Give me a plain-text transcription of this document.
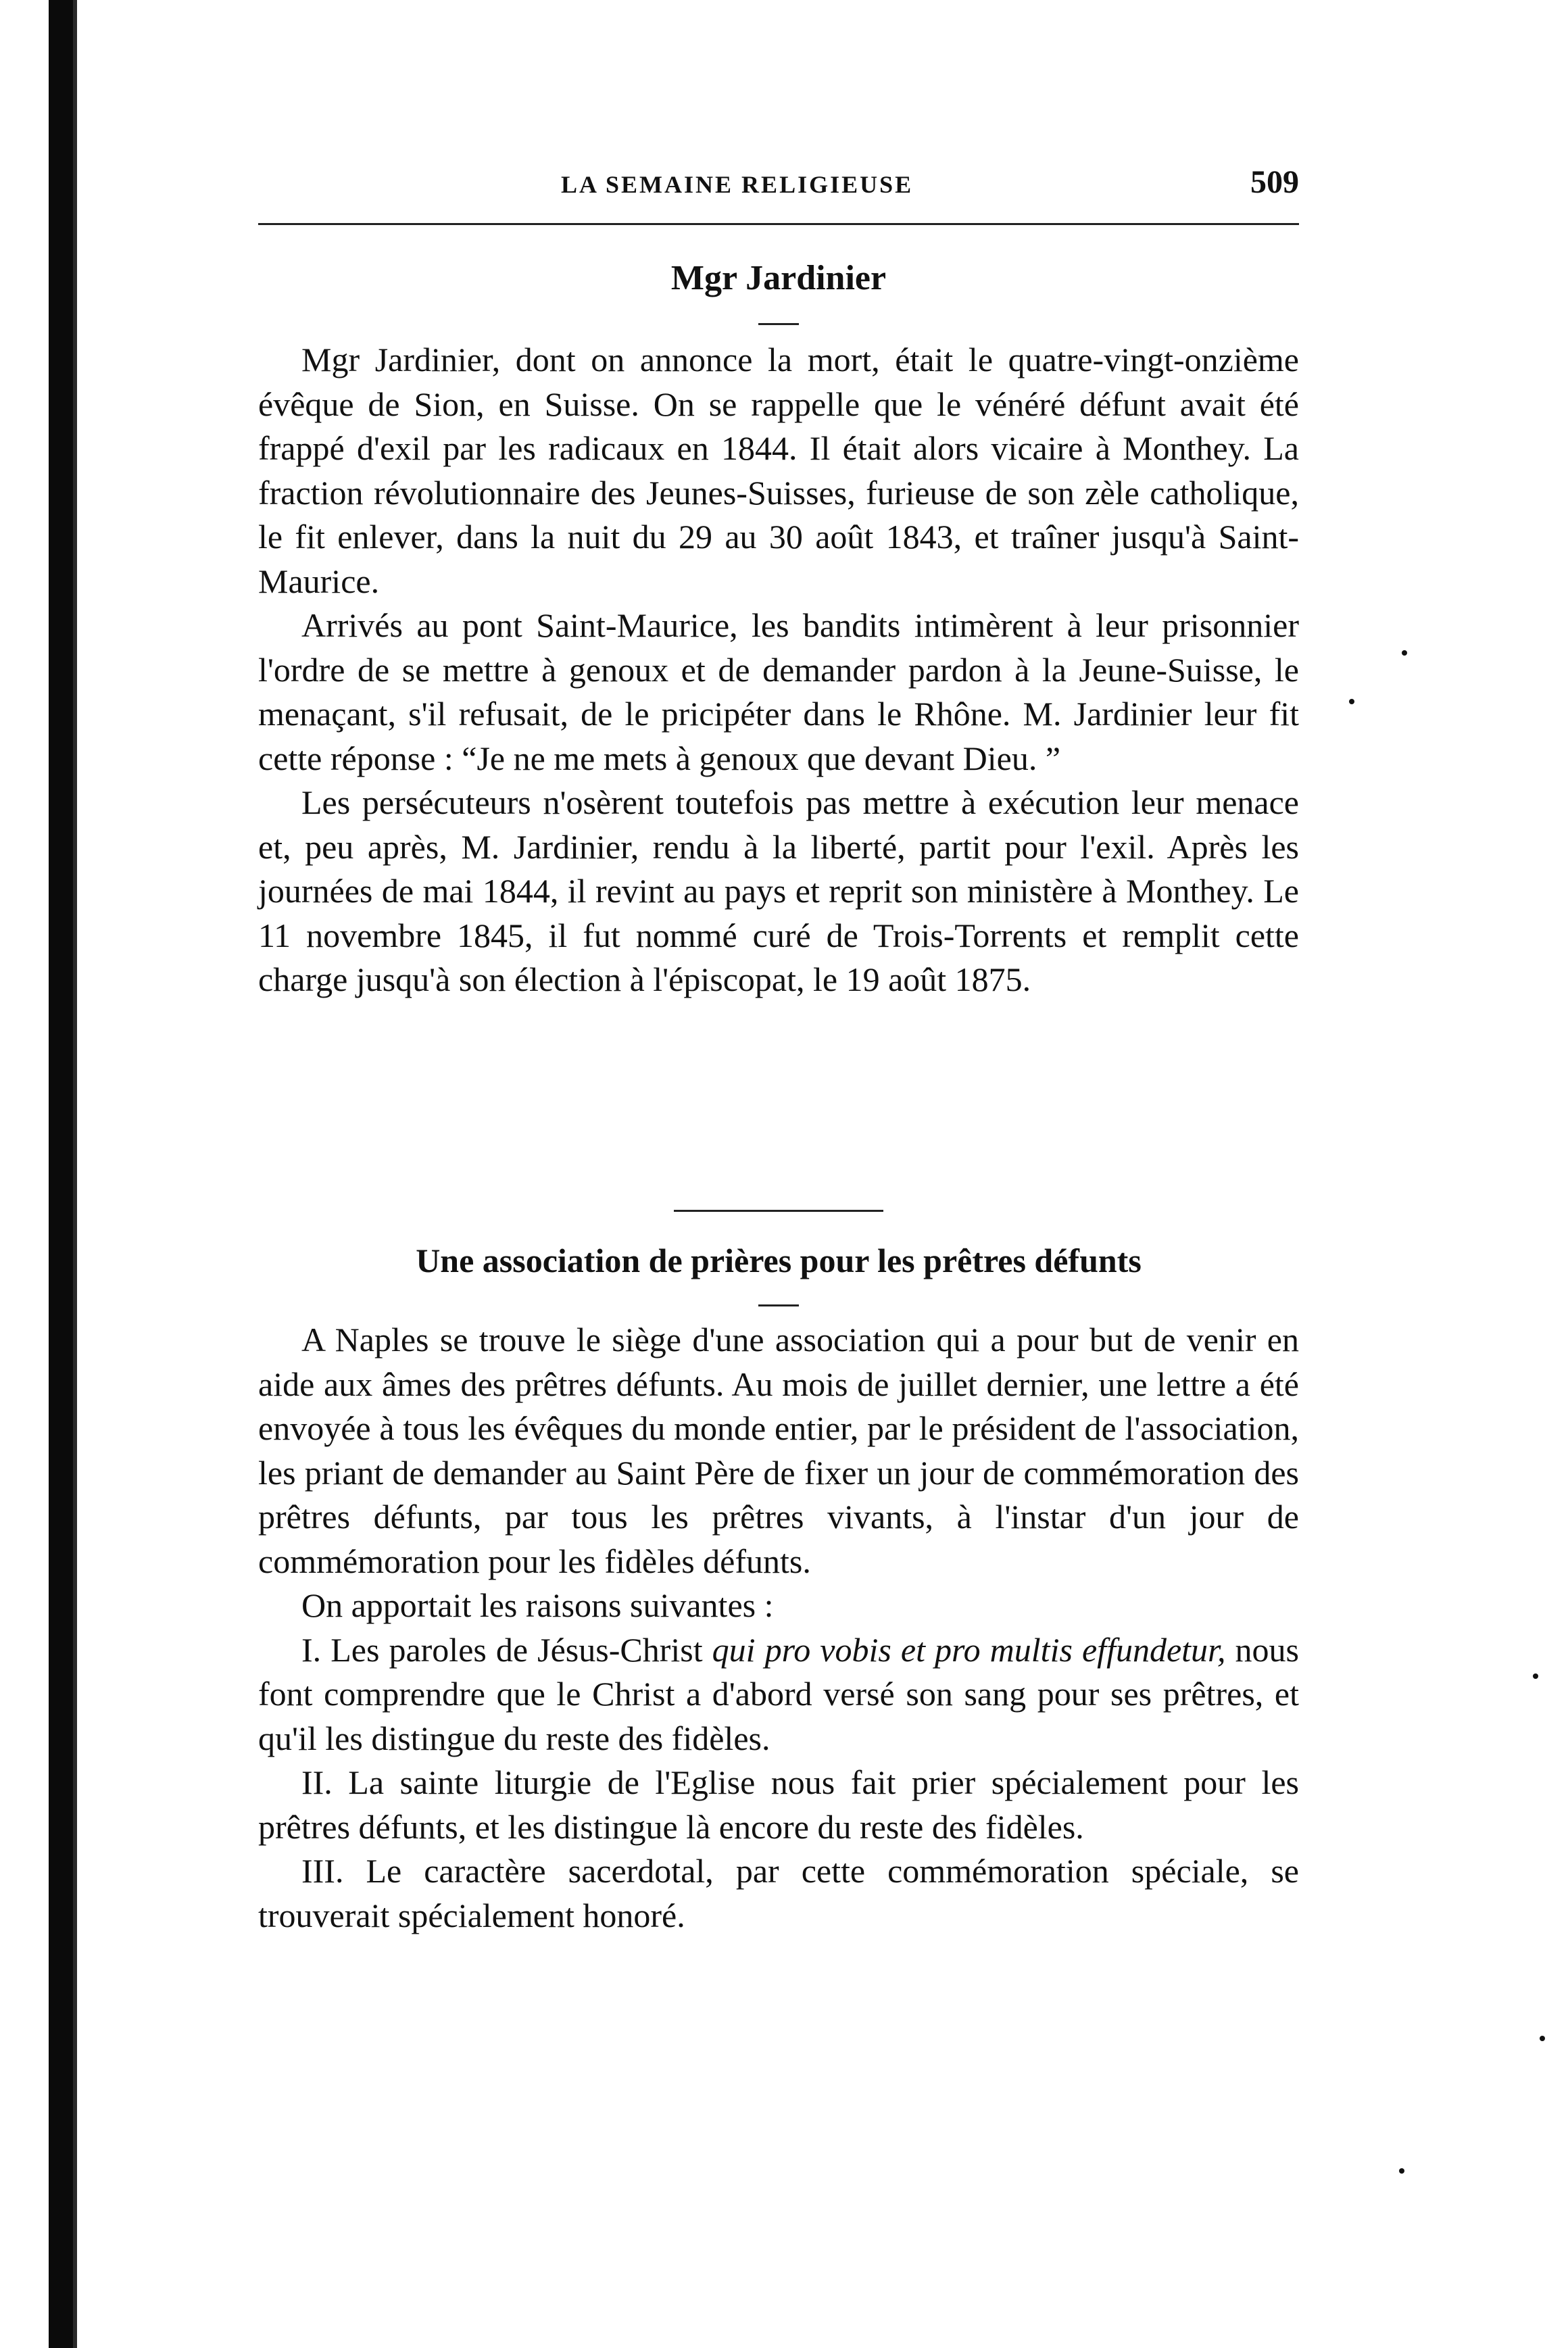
LA SEMAINE RELIGIEUSE	509
Mgr Jardinier

Mgr Jardinier, dont on annonce la mort, était le quatre-vingt-onzième évêque de Sion, en Suisse. On se rappelle que le vénéré défunt avait été frappé d'exil par les radicaux en 1844. Il était alors vicaire à Monthey. La fraction révolutionnaire des Jeunes-Suisses, furieuse de son zèle catholique, le fit enlever, dans la nuit du 29 au 30 août 1843, et traîner jusqu'à Saint-Maurice.

Arrivés au pont Saint-Maurice, les bandits intimèrent à leur prisonnier l'ordre de se mettre à genoux et de demander pardon à la Jeune-Suisse, le menaçant, s'il refusait, de le pricipéter dans le Rhône. M. Jardinier leur fit cette réponse : “Je ne me mets à genoux que devant Dieu. ”

Les persécuteurs n'osèrent toutefois pas mettre à exécution leur menace et, peu après, M. Jardinier, rendu à la liberté, partit pour l'exil. Après les journées de mai 1844, il revint au pays et reprit son ministère à Monthey. Le 11 novembre 1845, il fut nommé curé de Trois-Torrents et remplit cette charge jusqu'à son élection à l'épiscopat, le 19 août 1875.

Une association de prières pour les prêtres défunts

A Naples se trouve le siège d'une association qui a pour but de venir en aide aux âmes des prêtres défunts. Au mois de juillet dernier, une lettre a été envoyée à tous les évêques du monde entier, par le président de l'association, les priant de demander au Saint Père de fixer un jour de commémoration des prêtres défunts, par tous les prêtres vivants, à l'instar d'un jour de commémoration pour les fidèles défunts.

On apportait les raisons suivantes :

I. Les paroles de Jésus-Christ qui pro vobis et pro multis effundetur, nous font comprendre que le Christ a d'abord versé son sang pour ses prêtres, et qu'il les distingue du reste des fidèles.

II. La sainte liturgie de l'Eglise nous fait prier spécialement pour les prêtres défunts, et les distingue là encore du reste des fidèles.

III. Le caractère sacerdotal, par cette commémoration spéciale, se trouverait spécialement honoré.
